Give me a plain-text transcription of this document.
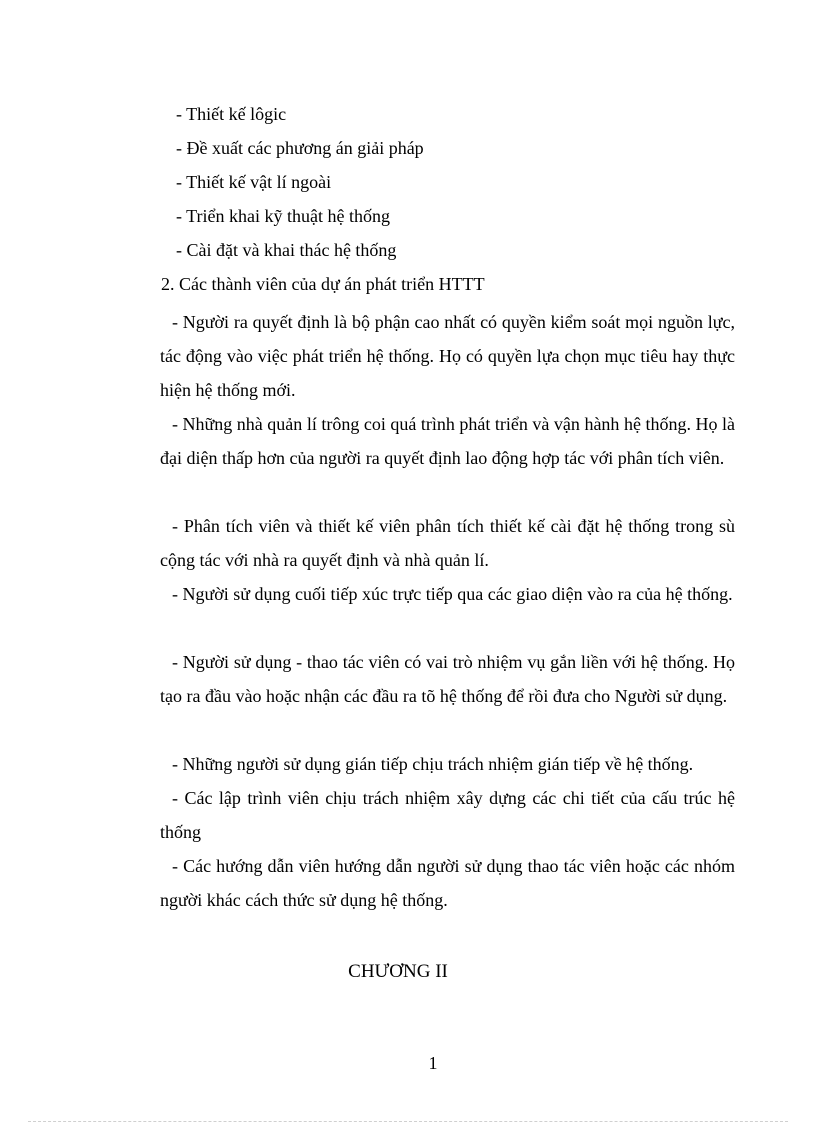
- Thiết kế lôgic
- Đề xuất các phương án giải pháp
- Thiết kế vật lí ngoài
- Triển khai kỹ thuật hệ thống
- Cài đặt và khai thác hệ thống
2. Các thành viên của dự án phát triển HTTT
- Người ra quyết định là bộ phận cao nhất có quyền kiểm soát mọi nguồn lực, tác động vào việc phát triển hệ thống. Họ có quyền lựa chọn mục tiêu hay thực hiện hệ thống mới.
- Những nhà quản lí trông coi quá trình phát triển và vận hành hệ thống. Họ là đại diện thấp hơn của người ra quyết định lao động hợp tác với phân tích viên.
- Phân tích viên và thiết kế viên phân tích thiết kế cài đặt hệ thống trong sù cộng tác với nhà ra quyết định và nhà quản lí.
- Người sử dụng cuối tiếp xúc trực tiếp qua các giao diện vào ra của hệ thống.
- Người sử dụng - thao tác viên có vai trò nhiệm vụ gắn liền với hệ thống. Họ tạo ra đầu vào hoặc nhận các đầu ra tõ hệ thống để rồi đưa cho Người sử dụng.
- Những người sử dụng gián tiếp chịu trách nhiệm gián tiếp về hệ thống.
- Các lập trình viên chịu trách nhiệm xây dựng các chi tiết của cấu trúc hệ thống
- Các hướng dẫn viên hướng dẫn người sử dụng thao tác viên hoặc các nhóm người khác cách thức sử dụng hệ thống.
CHƯƠNG II
1
